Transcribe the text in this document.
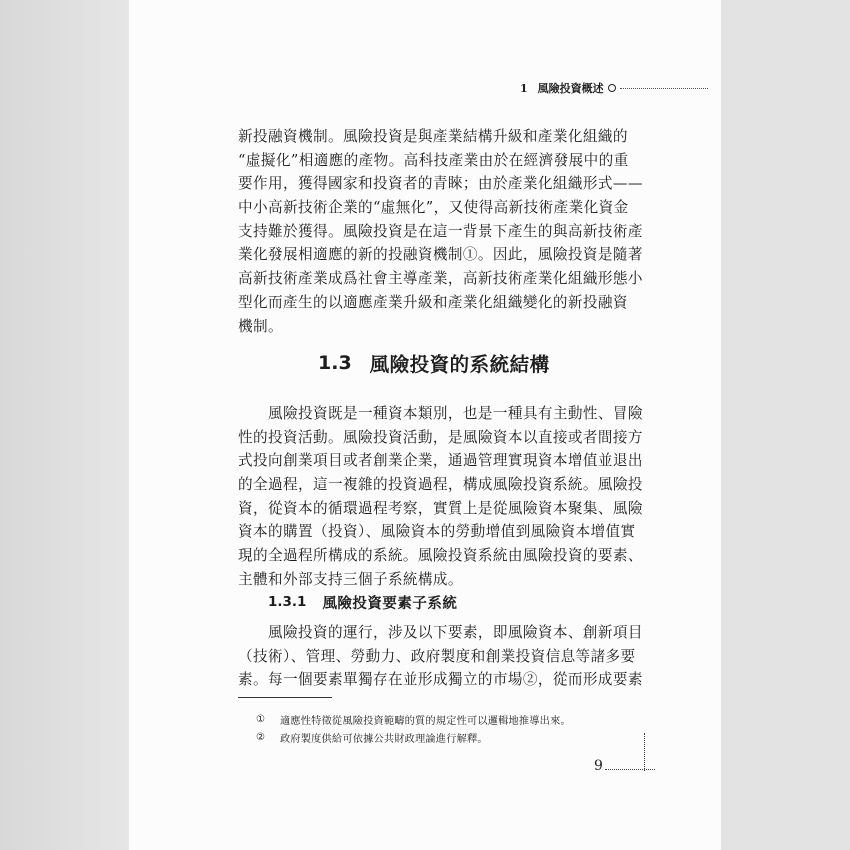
1 風險投資概述
新投融資機制。風險投資是與產業結構升級和產業化組織的
“虛擬化”相適應的產物。高科技產業由於在經濟發展中的重
要作用，獲得國家和投資者的青睞；由於產業化組織形式——
中小高新技術企業的“虛無化”，又使得高新技術產業化資金
支持難於獲得。風險投資是在這一背景下產生的與高新技術產
業化發展相適應的新的投融資機制①。因此，風險投資是隨著
高新技術產業成爲社會主導產業，高新技術產業化組織形態小
型化而產生的以適應產業升級和產業化組織變化的新投融資
機制。
1.3 風險投資的系統結構
　　風險投資既是一種資本類別，也是一種具有主動性、冒險
性的投資活動。風險投資活動，是風險資本以直接或者間接方
式投向創業項目或者創業企業，通過管理實現資本增值並退出
的全過程，這一複雜的投資過程，構成風險投資系統。風險投
資，從資本的循環過程考察，實質上是從風險資本聚集、風險
資本的購置（投資）、風險資本的勞動增值到風險資本增值實
現的全過程所構成的系統。風險投資系統由風險投資的要素、
主體和外部支持三個子系統構成。
1.3.1 風險投資要素子系統
　　風險投資的運行，涉及以下要素，即風險資本、創新項目
（技術）、管理、勞動力、政府製度和創業投資信息等諸多要
素。每一個要素單獨存在並形成獨立的市場②，從而形成要素
①	適應性特徵從風險投資範疇的質的規定性可以邏輯地推導出來。
②	政府製度供給可依據公共財政理論進行解釋。
9
